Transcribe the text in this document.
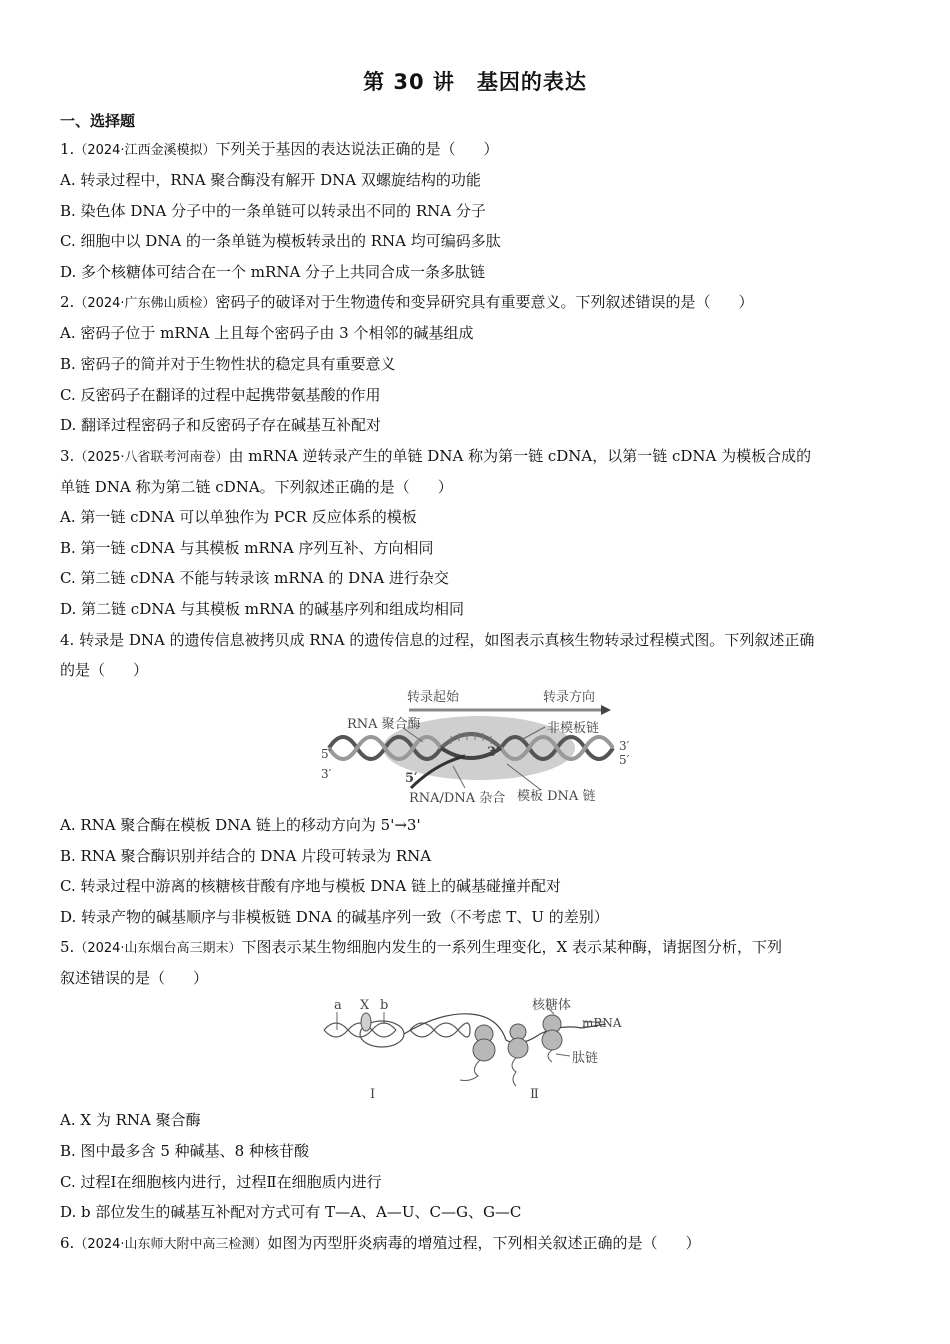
第 30 讲　基因的表达
一、选择题
1.（2024·江西金溪模拟）下列关于基因的表达说法正确的是（ ）
A. 转录过程中，RNA 聚合酶没有解开 DNA 双螺旋结构的功能
B. 染色体 DNA 分子中的一条单链可以转录出不同的 RNA 分子
C. 细胞中以 DNA 的一条单链为模板转录出的 RNA 均可编码多肽
D. 多个核糖体可结合在一个 mRNA 分子上共同合成一条多肽链
2.（2024·广东佛山质检）密码子的破译对于生物遗传和变异研究具有重要意义。下列叙述错误的是（ ）
A. 密码子位于 mRNA 上且每个密码子由 3 个相邻的碱基组成
B. 密码子的简并对于生物性状的稳定具有重要意义
C. 反密码子在翻译的过程中起携带氨基酸的作用
D. 翻译过程密码子和反密码子存在碱基互补配对
3.（2025·八省联考河南卷）由 mRNA 逆转录产生的单链 DNA 称为第一链 cDNA，以第一链 cDNA 为模板合成的
单链 DNA 称为第二链 cDNA。下列叙述正确的是（ ）
A. 第一链 cDNA 可以单独作为 PCR 反应体系的模板
B. 第一链 cDNA 与其模板 mRNA 序列互补、方向相同
C. 第二链 cDNA 不能与转录该 mRNA 的 DNA 进行杂交
D. 第二链 cDNA 与其模板 mRNA 的碱基序列和组成均相同
4. 转录是 DNA 的遗传信息被拷贝成 RNA 的遗传信息的过程，如图表示真核生物转录过程模式图。下列叙述正确
的是（ ）
转录起始	转录方向
RNA 聚合酶	非模板链
RNA/DNA 杂合 模板 DNA 链
5′
3′
3′
5′
3′
5′
A. RNA 聚合酶在模板 DNA 链上的移动方向为 5'→3'
B. RNA 聚合酶识别并结合的 DNA 片段可转录为 RNA
C. 转录过程中游离的核糖核苷酸有序地与模板 DNA 链上的碱基碰撞并配对
D. 转录产物的碱基顺序与非模板链 DNA 的碱基序列一致（不考虑 T、U 的差别）
5.（2024·山东烟台高三期末）下图表示某生物细胞内发生的一系列生理变化，X 表示某种酶，请据图分析，下列
叙述错误的是（ ）
a X b	核糖体
mRNA
肽链
Ⅰ	Ⅱ
A. X 为 RNA 聚合酶
B. 图中最多含 5 种碱基、8 种核苷酸
C. 过程Ⅰ在细胞核内进行，过程Ⅱ在细胞质内进行
D. b 部位发生的碱基互补配对方式可有 T—A、A—U、C—G、G—C
6.（2024·山东师大附中高三检测）如图为丙型肝炎病毒的增殖过程，下列相关叙述正确的是（ ）
